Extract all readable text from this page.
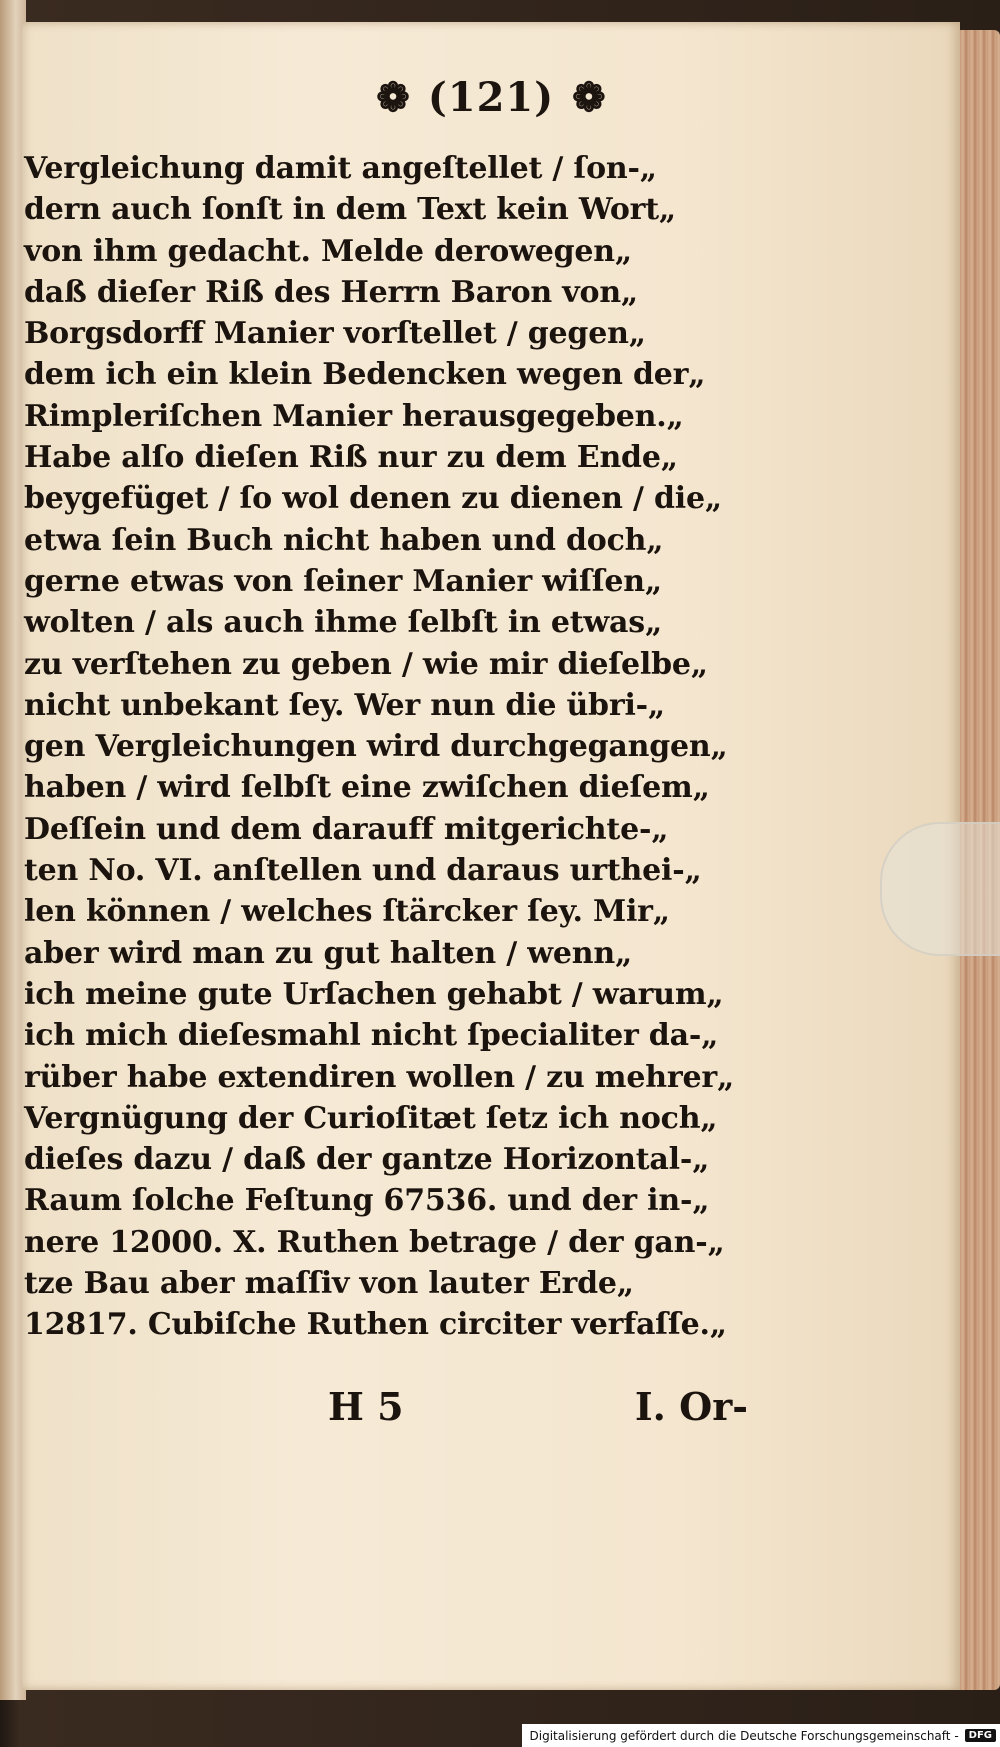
❁ (121) ❁
Vergleichung damit angeſtellet / ſon-„
dern auch ſonſt in dem Text kein Wort„
von ihm gedacht. Melde derowegen„
daß dieſer Riß des Herrn Baron von„
Borgsdorff Manier vorſtellet / gegen„
dem ich ein klein Bedencken wegen der„
Rimpleriſchen Manier herausgegeben.„
Habe alſo dieſen Riß nur zu dem Ende„
beygefüget / ſo wol denen zu dienen / die„
etwa ſein Buch nicht haben und doch„
gerne etwas von ſeiner Manier wiſſen„
wolten / als auch ihme ſelbſt in etwas„
zu verſtehen zu geben / wie mir dieſelbe„
nicht unbekant ſey. Wer nun die übri-„
gen Vergleichungen wird durchgegangen„
haben / wird ſelbſt eine zwiſchen dieſem„
Deſſein und dem darauff mitgerichte-„
ten No. VI. anſtellen und daraus urthei-„
len können / welches ſtärcker ſey. Mir„
aber wird man zu gut halten / wenn„
ich meine gute Urſachen gehabt / warum„
ich mich dieſesmahl nicht ſpecialiter da-„
rüber habe extendiren wollen / zu mehrer„
Vergnügung der Curioſitæt ſetz ich noch„
dieſes dazu / daß der gantze Horizontal-„
Raum ſolche Feſtung 67536. und der in-„
nere 12000. X. Ruthen betrage / der gan-„
tze Bau aber maſſiv von lauter Erde„
12817. Cubiſche Ruthen circiter verfaſſe.„
H 5	I. Or-
Digitalisierung gefördert durch die Deutsche Forschungsgemeinschaft -	DFG
